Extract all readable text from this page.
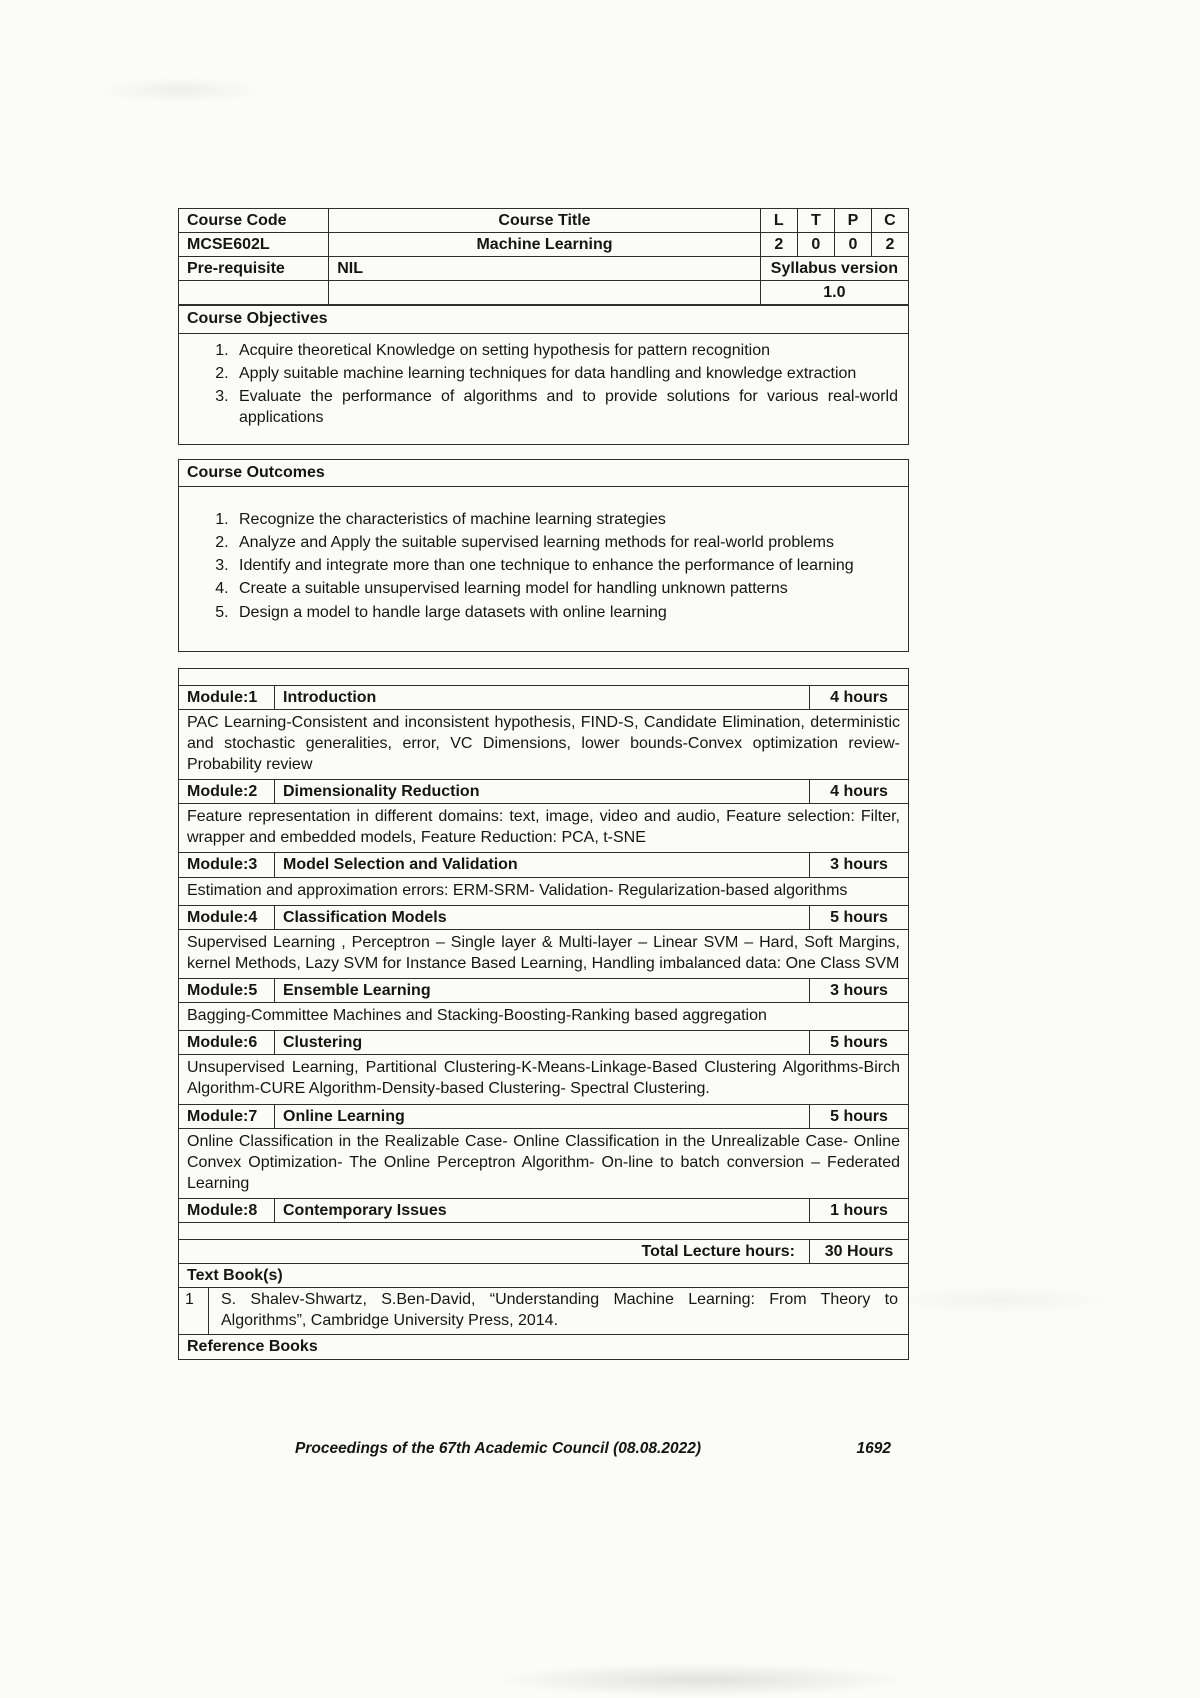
Course Code	Course Title	L	T	P	C
MCSE602L	Machine Learning	2	0	0	2
Pre-requisite	NIL	Syllabus version			
		1.0			
Course Objectives
1. Acquire theoretical Knowledge on setting hypothesis for pattern recognition
2. Apply suitable machine learning techniques for data handling and knowledge extraction
3. Evaluate the performance of algorithms and to provide solutions for various real-world applications
Course Outcomes
1. Recognize the characteristics of machine learning strategies
2. Analyze and Apply the suitable supervised learning methods for real-world problems
3. Identify and integrate more than one technique to enhance the performance of learning
4. Create a suitable unsupervised learning model for handling unknown patterns
5. Design a model to handle large datasets with online learning

Module:1	Introduction	4 hours
PAC Learning-Consistent and inconsistent hypothesis, FIND-S, Candidate Elimination, deterministic and stochastic generalities, error, VC Dimensions, lower bounds-Convex optimization review- Probability review		
Module:2	Dimensionality Reduction	4 hours
Feature representation in different domains: text, image, video and audio, Feature selection: Filter, wrapper and embedded models, Feature Reduction: PCA, t-SNE		
Module:3	Model Selection and Validation	3 hours
Estimation and approximation errors: ERM-SRM- Validation- Regularization-based algorithms		
Module:4	Classification Models	5 hours
Supervised Learning , Perceptron – Single layer & Multi-layer – Linear SVM – Hard, Soft Margins, kernel Methods, Lazy SVM for Instance Based Learning, Handling imbalanced data: One Class SVM		
Module:5	Ensemble Learning	3 hours
Bagging-Committee Machines and Stacking-Boosting-Ranking based aggregation		
Module:6	Clustering	5 hours
Unsupervised Learning, Partitional Clustering-K-Means-Linkage-Based Clustering Algorithms-Birch Algorithm-CURE Algorithm-Density-based Clustering- Spectral Clustering.		
Module:7	Online Learning	5 hours
Online Classification in the Realizable Case- Online Classification in the Unrealizable Case- Online Convex Optimization- The Online Perceptron Algorithm- On-line to batch conversion – Federated Learning		
Module:8	Contemporary Issues	1 hours

Total Lecture hours:		30 Hours
Text Book(s)		

1 S. Shalev-Shwartz, S.Ben-David, “Understanding Machine Learning: From Theory to Algorithms”, Cambridge University Press, 2014.		

Reference Books		
Proceedings of the 67th Academic Council (08.08.2022)	1692
